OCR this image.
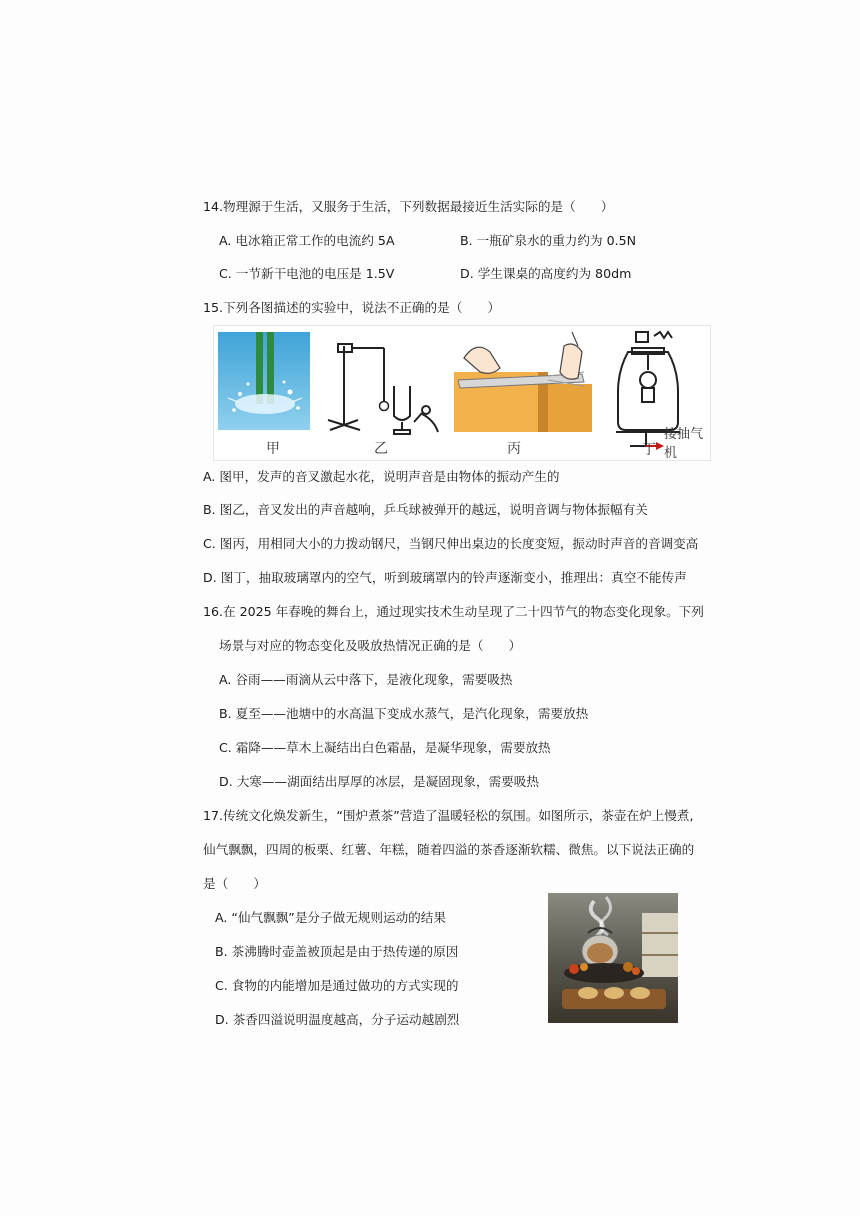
14.物理源于生活，又服务于生活，下列数据最接近生活实际的是（　　）
A. 电冰箱正常工作的电流约 5A	B. 一瓶矿泉水的重力约为 0.5N
C. 一节新干电池的电压是 1.5V	D. 学生课桌的高度约为 80dm
15.下列各图描述的实验中，说法不正确的是（　　）
接抽气机
甲	乙	丙	丁
A. 图甲，发声的音叉激起水花，说明声音是由物体的振动产生的
B. 图乙，音叉发出的声音越响，乒乓球被弹开的越远，说明音调与物体振幅有关
C. 图丙，用相同大小的力拨动钢尺，当钢尺伸出桌边的长度变短，振动时声音的音调变高
D. 图丁，抽取玻璃罩内的空气，听到玻璃罩内的铃声逐渐变小，推理出：真空不能传声
16.在 2025 年春晚的舞台上，通过现实技术生动呈现了二十四节气的物态变化现象。下列
场景与对应的物态变化及吸放热情况正确的是（　　）
A. 谷雨——雨滴从云中落下，是液化现象，需要吸热
B. 夏至——池塘中的水高温下变成水蒸气，是汽化现象，需要放热
C. 霜降——草木上凝结出白色霜晶，是凝华现象，需要放热
D. 大寒——湖面结出厚厚的冰层，是凝固现象，需要吸热
17.传统文化焕发新生，“围炉煮茶”营造了温暖轻松的氛围。如图所示，茶壶在炉上慢煮,
仙气飘飘，四周的板栗、红薯、年糕，随着四溢的茶香逐渐软糯、微焦。以下说法正确的
是（　　）
A. “仙气飘飘”是分子做无规则运动的结果
B. 茶沸腾时壶盖被顶起是由于热传递的原因
C. 食物的内能增加是通过做功的方式实现的
D. 茶香四溢说明温度越高，分子运动越剧烈
